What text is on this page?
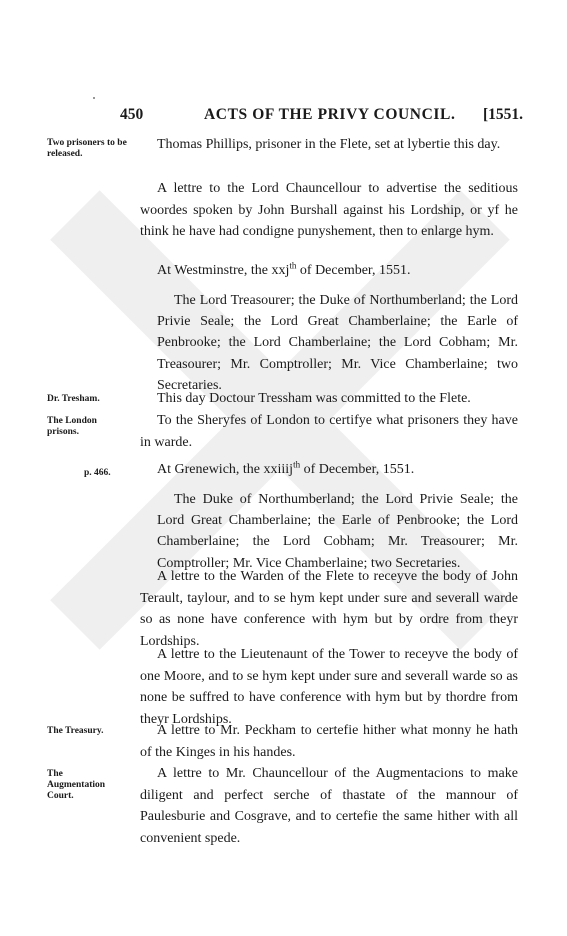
450	ACTS OF THE PRIVY COUNCIL. [1551.
Two prisoners to be released.
Thomas Phillips, prisoner in the Flete, set at lybertie this day.
A lettre to the Lord Chauncellour to advertise the seditious woordes spoken by John Burshall against his Lordship, or yf he think he have had condigne punyshement, then to enlarge hym.
At Westminstre, the xxj$^{th}$ of December, 1551.
The Lord Treasourer; the Duke of Northumberland; the Lord Privie Seale; the Lord Great Chamberlaine; the Earle of Penbrooke; the Lord Chamberlaine; the Lord Cobham; Mr. Treasourer; Mr. Comptroller; Mr. Vice Chamberlaine; two Secretaries.
Dr. Tresham.	This day Doctour Tressham was committed to the Flete.
The London prisons.
To the Sheryfes of London to certifye what prisoners they have in warde.
p. 466.	At Grenewich, the xxiiij$^{th}$ of December, 1551.
The Duke of Northumberland; the Lord Privie Seale; the Lord Great Chamberlaine; the Earle of Penbrooke; the Lord Chamberlaine; the Lord Cobham; Mr. Treasourer; Mr. Comptroller; Mr. Vice Chamberlaine; two Secretaries.
A lettre to the Warden of the Flete to receyve the body of John Terault, taylour, and to se hym kept under sure and severall warde so as none have conference with hym but by ordre from theyr Lordships.
A lettre to the Lieutenaunt of the Tower to receyve the body of one Moore, and to se hym kept under sure and severall warde so as none be suffred to have conference with hym but by thordre from theyr Lordships.
The Treasury.	A lettre to Mr. Peckham to certefie hither what monny he hath of the Kinges in his handes.
The Augmentation Court.
A lettre to Mr. Chauncellour of the Augmentacions to make diligent and perfect serche of thastate of the mannour of Paulesburie and Cosgrave, and to certefie the same hither with all convenient spede.
